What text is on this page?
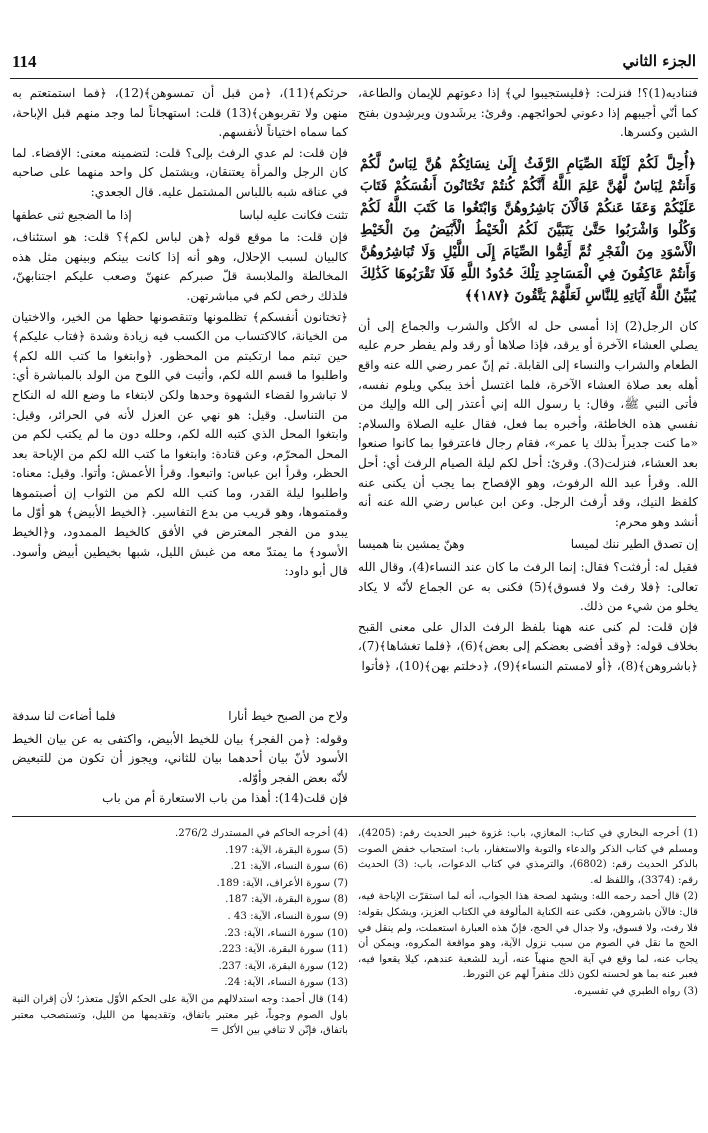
114	الجزء الثاني

فنناديه(1)؟! فنزلت: ﴿فليستجيبوا لي﴾ إذا دعوتهم للإيمان والطاعة، كما أنّي أجيبهم إذا دعوني لحوائجهم. وقرئ: يرشَدون ويرشِدون بفتح الشين وكسرها.

﴿أُحِلَّ لَكُمْ لَيْلَةَ الصِّيَامِ الرَّفَثُ إِلَىٰ نِسَائِكُمْ هُنَّ لِبَاسٌ لَّكُمْ وَأَنتُمْ لِبَاسٌ لَّهُنَّ عَلِمَ اللَّهُ أَنَّكُمْ كُنتُمْ تَخْتَانُونَ أَنفُسَكُمْ فَتَابَ عَلَيْكُمْ وَعَفَا عَنكُمْ فَالْآنَ بَاشِرُوهُنَّ وَابْتَغُوا مَا كَتَبَ اللَّهُ لَكُمْ وَكُلُوا وَاشْرَبُوا حَتَّىٰ يَتَبَيَّنَ لَكُمُ الْخَيْطُ الْأَبْيَضُ مِنَ الْخَيْطِ الْأَسْوَدِ مِنَ الْفَجْرِ ثُمَّ أَتِمُّوا الصِّيَامَ إِلَى اللَّيْلِ وَلَا تُبَاشِرُوهُنَّ وَأَنتُمْ عَاكِفُونَ فِي الْمَسَاجِدِ تِلْكَ حُدُودُ اللَّهِ فَلَا تَقْرَبُوهَا كَذَٰلِكَ يُبَيِّنُ اللَّهُ آيَاتِهِ لِلنَّاسِ لَعَلَّهُمْ يَتَّقُونَ ﴿١٨٧﴾﴾

كان الرجل(2) إذا أمسى حل له الأكل والشرب والجماع إلى أن يصلي العشاء الآخرة أو يرقد، فإذا صلاها أو رقد ولم يفطر حرم عليه الطعام والشراب والنساء إلى القابلة. ثم إنّ عمر رضي الله عنه واقع أهله بعد صلاة العشاء الآخرة، فلما اغتسل أخذ يبكي ويلوم نفسه، فأتى النبي ﷺ، وقال: يا رسول الله إني أعتذر إلى الله وإليك من نفسي هذه الخاطئة، وأخبره بما فعل، فقال عليه الصلاة والسلام: «ما كنت جديراً بذلك يا عمر»، فقام رجال فاعترفوا بما كانوا صنعوا بعد العشاء، فنزلت(3). وقرئ: أحل لكم ليلة الصيام الرفث أي: أحل الله. وقرأ عبد الله الرفوث، وهو الإفصاح بما يجب أن يكنى عنه كلفظ النيك، وقد أرفث الرجل. وعن ابن عباس رضي الله عنه أنه أنشد وهو محرم:

إن تصدق الطير ننك لميسا
وهنّ يمشين بنا هميسا

فقيل له: أرفثت؟ فقال: إنما الرفث ما كان عند النساء(4)، وقال الله تعالى: ﴿فلا رفث ولا فسوق﴾(5) فكنى به عن الجماع لأنّه لا يكاد يخلو من شيء من ذلك.

فإن قلت: لم كنى عنه ههنا بلفظ الرفث الدال على معنى القبح بخلاف قوله: ﴿وقد أفضى بعضكم إلى بعض﴾(6)، ﴿فلما تغشاها﴾(7)، ﴿باشروهن﴾(8)، ﴿أو لامستم النساء﴾(9)، ﴿دخلتم بهن﴾(10)، ﴿فأتوا

حرثكم﴾(11)، ﴿من قبل أن تمسوهن﴾(12)، ﴿فما استمتعتم به منهن ولا تقربوهن﴾(13) قلت: استهجاناً لما وجد منهم قبل الإباحة، كما سماه اختياناً لأنفسهم.

فإن قلت: لم عدي الرفث بإلى؟ قلت: لتضمينه معنى: الإفضاء. لما كان الرجل والمرأة يعتنقان، ويشتمل كل واحد منهما على صاحبه في عناقه شبه باللباس المشتمل عليه. قال الجعدي:

تثنت فكانت عليه لباسا
إذا ما الضجيع ثنى عطفها

فإن قلت: ما موقع قوله ﴿هن لباس لكم﴾؟ قلت: هو استئناف، كالبيان لسبب الإحلال، وهو أنه إذا كانت بينكم وبينهن مثل هذه المخالطة والملابسة قلّ صبركم عنهنّ وصعب عليكم اجتنابهنّ، فلذلك رخص لكم في مباشرتهن.

﴿تختانون أنفسكم﴾ تظلمونها وتنقصونها حظها من الخير، والاختيان من الخيانة، كالاكتساب من الكسب فيه زيادة وشدة ﴿فتاب عليكم﴾ حين تبتم مما ارتكبتم من المحظور. ﴿وابتغوا ما كتب الله لكم﴾ واطلبوا ما قسم الله لكم، وأثبت في اللوح من الولد بالمباشرة أي: لا تباشروا لقضاء الشهوة وحدها ولكن لابتغاء ما وضع الله له النكاح من التناسل. وقيل: هو نهي عن العزل لأنه في الحرائر، وقيل: وابتغوا المحل الذي كتبه الله لكم، وحلله دون ما لم يكتب لكم من المحل المحرّم، وعن قتادة: وابتغوا ما كتب الله لكم من الإباحة بعد الحظر، وقرأ ابن عباس: واتبعوا. وقرأ الأعمش: وأتوا. وقيل: معناه: واطلبوا ليلة القدر، وما كتب الله لكم من الثواب إن أصبتموها وقمتموها، وهو قريب من بدع التفاسير. ﴿الخيط الأبيض﴾ هو أوّل ما يبدو من الفجر المعترض في الأفق كالخيط الممدود، و﴿الخيط الأسود﴾ ما يمتدّ معه من غبش الليل، شبها بخيطين أبيض وأسود. قال أبو داود:

ولاح من الصبح خيط أنارا
فلما أضاءت لنا سدفة

وقوله: ﴿من الفجر﴾ بيان للخيط الأبيض، واكتفى به عن بيان الخيط الأسود لأنّ بيان أحدهما بيان للثاني، ويجوز أن تكون من للتبعيض لأنّه بعض الفجر وأوّله.

فإن قلت(14): أهذا من باب الاستعارة أم من باب

(1) أخرجه البخاري في كتاب: المغازي، باب: غزوة خيبر الحديث رقم: (4205)، ومسلم في كتاب الذكر والدعاء والتوبة والاستغفار، باب: استحباب خفض الصوت بالذكر الحديث رقم: (6802)، والترمذي في كتاب الدعوات، باب: (3) الحديث رقم: (3374)، واللفظ له.
(2) قال أحمد رحمه الله: ويشهد لصحة هذا الجواب، أنه لما استقرّت الإباحة فيه، قال: فالآن باشروهن، فكنى عنه الكناية المألوفة في الكتاب العزيز، ويشكل بقوله: فلا رفث، ولا فسوق، ولا جدال في الحج، فإنّ هذه العبارة استعملت، ولم ينقل في الحج ما نقل في الصوم من سبب نزول الآية، وهو مواقعة المكروه، ويمكن أن يجاب عنه، لما وقع في آية الحج منهياً عنه، أريد للشعبة عندهم، كيلا يقعوا فيه، فعبر عنه بما هو لحسنه لكون ذلك منفراً لهم عن التورط.
(3) رواه الطبري في تفسيره.
(4) أخرجه الحاكم في المستدرك 276/2.
(5) سورة البقرة، الآية: 197.
(6) سورة النساء، الآية: 21.
(7) سورة الأعراف، الآية: 189.
(8) سورة البقرة، الآية: 187.
(9) سورة النساء، الآية: 43 .
(10) سورة النساء، الآية: 23.
(11) سورة البقرة، الآية: 223.
(12) سورة البقرة، الآية: 237.
(13) سورة النساء، الآية: 24.
(14) قال أحمد: وجه استدلالهم من الآية على الحكم الأوّل متعذر؛ لأن إقران النية باول الصوم وجوباً، غير معتبر باتفاق، وتقديمها من الليل، وتستصحب معتبر باتفاق، فإنّن لا تنافي بين الأكل =
